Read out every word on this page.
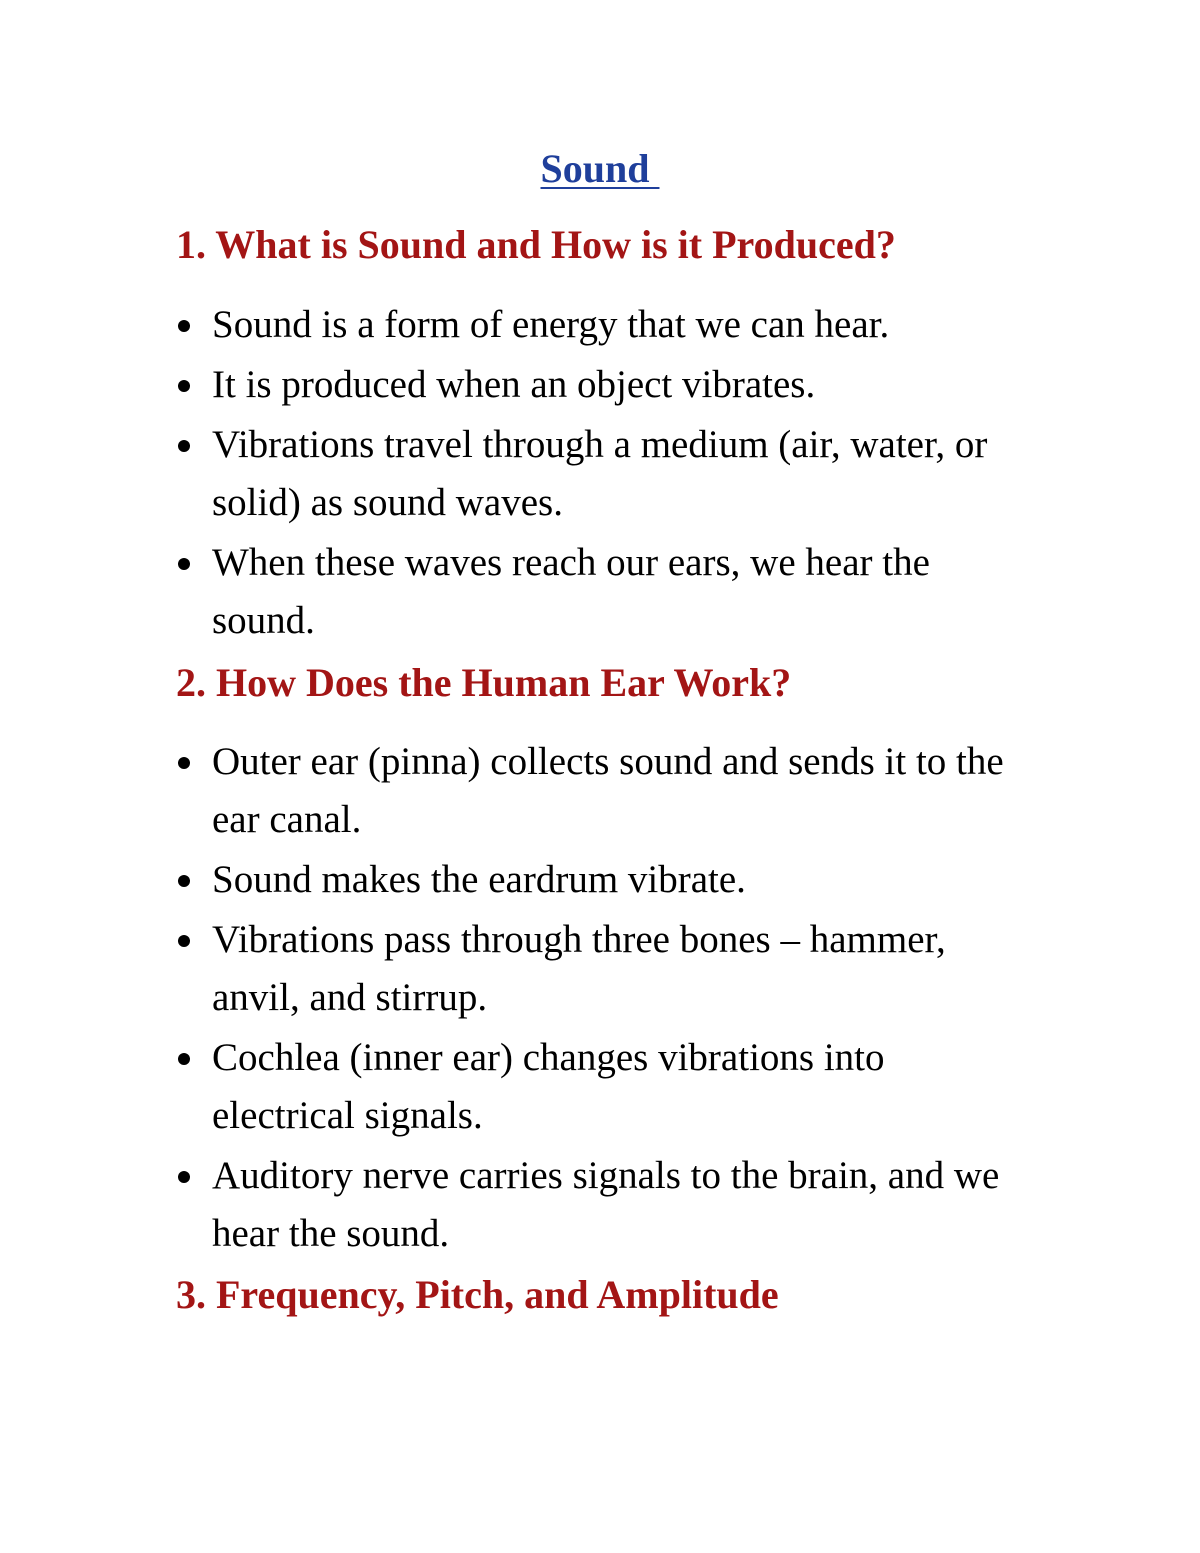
Sound
1. What is Sound and How is it Produced?
Sound is a form of energy that we can hear.
It is produced when an object vibrates.
Vibrations travel through a medium (air, water, or solid) as sound waves.
When these waves reach our ears, we hear the sound.
2. How Does the Human Ear Work?
Outer ear (pinna) collects sound and sends it to the ear canal.
Sound makes the eardrum vibrate.
Vibrations pass through three bones – hammer, anvil, and stirrup.
Cochlea (inner ear) changes vibrations into electrical signals.
Auditory nerve carries signals to the brain, and we hear the sound.
3. Frequency, Pitch, and Amplitude
